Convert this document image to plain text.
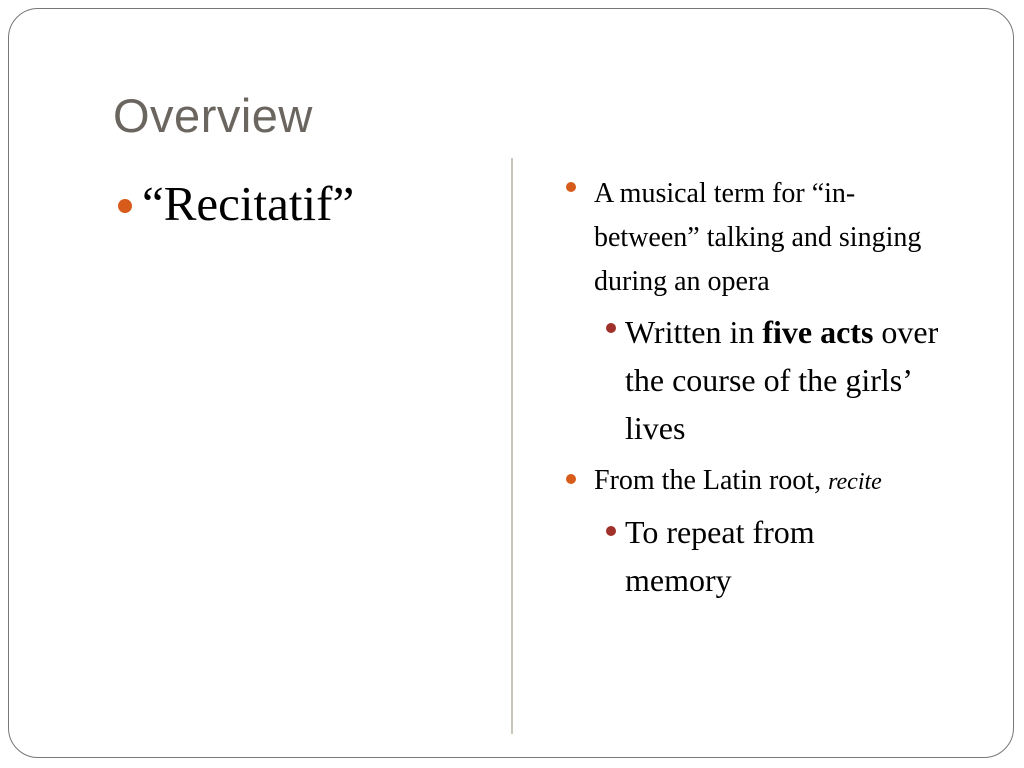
Overview

“Recitatif”	A musical term for “in-between” talking and singing during an opera

Written in five acts over the course of the girls’ lives

From the Latin root, recite

To repeat from memory
